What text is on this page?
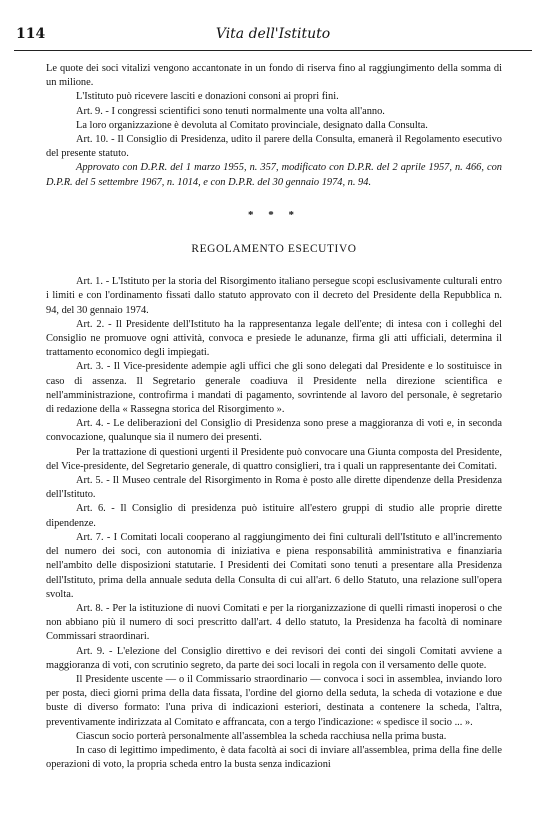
114	Vita dell'Istituto

Le quote dei soci vitalizi vengono accantonate in un fondo di riserva fino al raggiungimento della somma di un milione.

L'Istituto può ricevere lasciti e donazioni consoni ai propri fini.

Art. 9. - I congressi scientifici sono tenuti normalmente una volta all'anno.

La loro organizzazione è devoluta al Comitato provinciale, designato dalla Consulta.

Art. 10. - Il Consiglio di Presidenza, udito il parere della Consulta, emanerà il Regolamento esecutivo del presente statuto.

Approvato con D.P.R. del 1 marzo 1955, n. 357, modificato con D.P.R. del 2 aprile 1957, n. 466, con D.P.R. del 5 settembre 1967, n. 1014, e con D.P.R. del 30 gennaio 1974, n. 94.

* * *
REGOLAMENTO ESECUTIVO

Art. 1. - L'Istituto per la storia del Risorgimento italiano persegue scopi esclusivamente culturali entro i limiti e con l'ordinamento fissati dallo statuto approvato con il decreto del Presidente della Repubblica n. 94, del 30 gennaio 1974.

Art. 2. - Il Presidente dell'Istituto ha la rappresentanza legale dell'ente; di intesa con i colleghi del Consiglio ne promuove ogni attività, convoca e presiede le adunanze, firma gli atti ufficiali, determina il trattamento economico degli impiegati.

Art. 3. - Il Vice-presidente adempie agli uffici che gli sono delegati dal Presidente e lo sostituisce in caso di assenza. Il Segretario generale coadiuva il Presidente nella direzione scientifica e nell'amministrazione, controfirma i mandati di pagamento, sovrintende al lavoro del personale, è segretario di redazione della « Rassegna storica del Risorgimento ».

Art. 4. - Le deliberazioni del Consiglio di Presidenza sono prese a maggioranza di voti e, in seconda convocazione, qualunque sia il numero dei presenti.

Per la trattazione di questioni urgenti il Presidente può convocare una Giunta composta del Presidente, del Vice-presidente, del Segretario generale, di quattro consiglieri, tra i quali un rappresentante dei Comitati.

Art. 5. - Il Museo centrale del Risorgimento in Roma è posto alle dirette dipendenze della Presidenza dell'Istituto.

Art. 6. - Il Consiglio di presidenza può istituire all'estero gruppi di studio alle proprie dirette dipendenze.

Art. 7. - I Comitati locali cooperano al raggiungimento dei fini culturali dell'Istituto e all'incremento del numero dei soci, con autonomia di iniziativa e piena responsabilità amministrativa e finanziaria nell'ambito delle disposizioni statutarie. I Presidenti dei Comitati sono tenuti a presentare alla Presidenza dell'Istituto, prima della annuale seduta della Consulta di cui all'art. 6 dello Statuto, una relazione sull'opera svolta.

Art. 8. - Per la istituzione di nuovi Comitati e per la riorganizzazione di quelli rimasti inoperosi o che non abbiano più il numero di soci prescritto dall'art. 4 dello statuto, la Presidenza ha facoltà di nominare Commissari straordinari.

Art. 9. - L'elezione del Consiglio direttivo e dei revisori dei conti dei singoli Comitati avviene a maggioranza di voti, con scrutinio segreto, da parte dei soci locali in regola con il versamento delle quote.

Il Presidente uscente — o il Commissario straordinario — convoca i soci in assemblea, inviando loro per posta, dieci giorni prima della data fissata, l'ordine del giorno della seduta, la scheda di votazione e due buste di diverso formato: l'una priva di indicazioni esteriori, destinata a contenere la scheda, l'altra, preventivamente indirizzata al Comitato e affrancata, con a tergo l'indicazione: « spedisce il socio ... ».

Ciascun socio porterà personalmente all'assemblea la scheda racchiusa nella prima busta.

In caso di legittimo impedimento, è data facoltà ai soci di inviare all'assemblea, prima della fine delle operazioni di voto, la propria scheda entro la busta senza indicazioni
